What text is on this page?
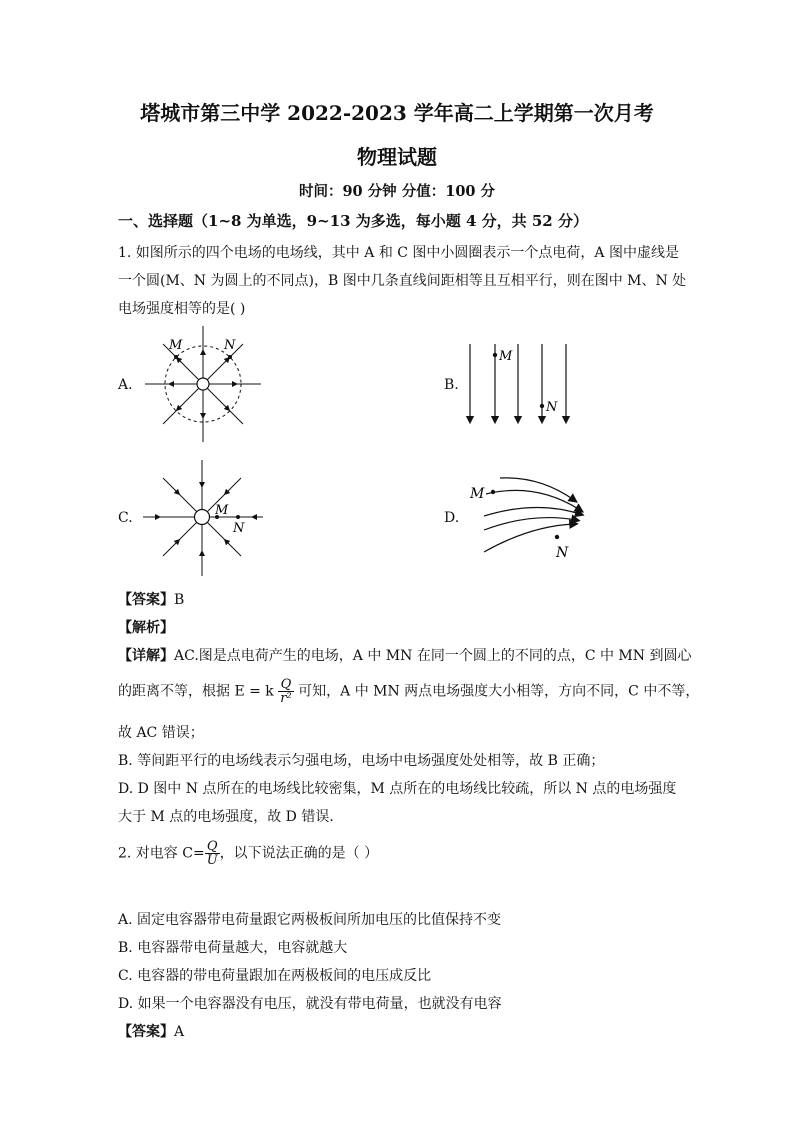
塔城市第三中学 2022-2023 学年高二上学期第一次月考
物理试题
时间：90 分钟 分值：100 分
一、选择题（1~8 为单选，9~13 为多选，每小题 4 分，共 52 分）
1. 如图所示的四个电场的电场线，其中 A 和 C 图中小圆圈表示一个点电荷，A 图中虚线是
一个圆(M、N 为圆上的不同点)，B 图中几条直线间距相等且互相平行，则在图中 M、N 处
电场强度相等的是( )
A.	B.
C.	D.
M	N
M
N
M
N
M
N
【答案】B
【解析】
【详解】AC.图是点电荷产生的电场，A 中 MN 在同一个圆上的不同的点，C 中 MN 到圆心
的距离不等，根据 E = k $\frac{Q}{\text{r²}}$ 可知，A 中 MN 两点电场强度大小相等，方向不同，C 中不等，
故 AC 错误；
B. 等间距平行的电场线表示匀强电场，电场中电场强度处处相等，故 B 正确；
D. D 图中 N 点所在的电场线比较密集，M 点所在的电场线比较疏，所以 N 点的电场强度
大于 M 点的电场强度，故 D 错误．
2. 对电容 $C= \frac{Q}{U}$ ，以下说法正确的是（ ）
A. 固定电容器带电荷量跟它两极板间所加电压的比值保持不变
B. 电容器带电荷量越大，电容就越大
C. 电容器的带电荷量跟加在两极板间的电压成反比
D. 如果一个电容器没有电压，就没有带电荷量，也就没有电容
【答案】A
